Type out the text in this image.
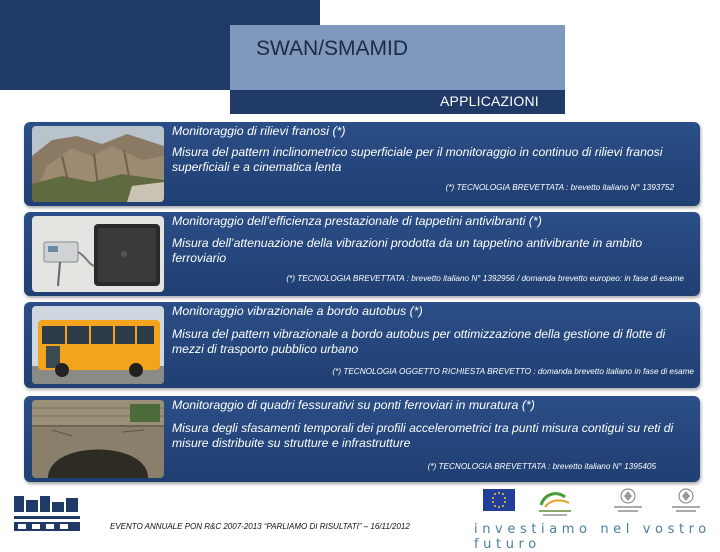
SWAN/SMAMID
APPLICAZIONI
Monitoraggio di rilievi franosi (*)
Misura del pattern inclinometrico superficiale per il monitoraggio in continuo di rilievi franosi superficiali e a cinematica lenta
(*) TECNOLOGIA BREVETTATA : brevetto italiano N° 1393752
Monitoraggio dell’efficienza prestazionale di tappetini antivibranti (*)
Misura dell’attenuazione della vibrazioni prodotta da un tappetino antivibrante in ambito ferroviario
(*) TECNOLOGIA BREVETTATA : brevetto italiano N° 1392956 / domanda brevetto europeo: in fase di esame
Monitoraggio vibrazionale a bordo autobus (*)
Misura del pattern vibrazionale a bordo autobus per ottimizzazione della gestione di flotte di mezzi di trasporto pubblico urbano
(*) TECNOLOGIA OGGETTO RICHIESTA BREVETTO : domanda brevetto italiano in fase di esame
Monitoraggio di quadri fessurativi su ponti ferroviari in muratura (*)
Misura degli sfasamenti temporali dei profili accelerometrici tra punti misura contigui su reti di misure distribuite su strutture e infrastrutture
(*) TECNOLOGIA BREVETTATA : brevetto italiano N° 1395405
EVENTO ANNUALE PON R&C 2007-2013 “PARLIAMO DI RISULTATI” – 16/11/2012	investiamo nel vostro futuro
